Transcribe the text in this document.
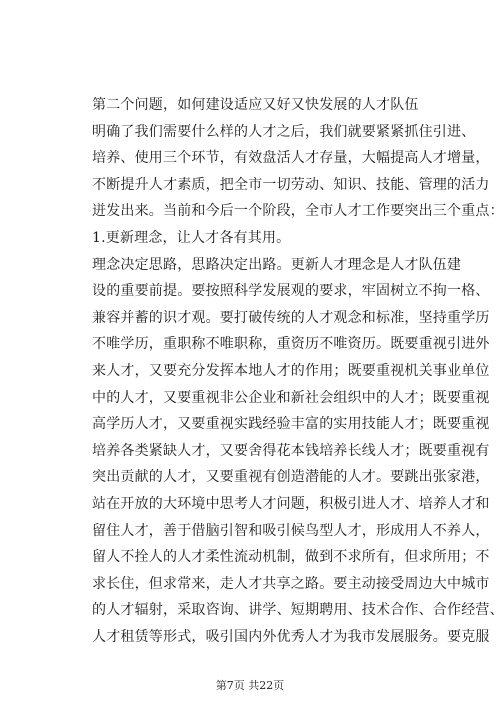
第二个问题，如何建设适应又好又快发展的人才队伍
明确了我们需要什么样的人才之后，我们就要紧紧抓住引进、
培养、使用三个环节，有效盘活人才存量，大幅提高人才增量，
不断提升人才素质，把全市一切劳动、知识、技能、管理的活力
迸发出来。当前和今后一个阶段，全市人才工作要突出三个重点：
1.更新理念，让人才各有其用。
理念决定思路，思路决定出路。更新人才理念是人才队伍建
设的重要前提。要按照科学发展观的要求，牢固树立不拘一格、
兼容并蓄的识才观。要打破传统的人才观念和标准，坚持重学历
不唯学历，重职称不唯职称，重资历不唯资历。既要重视引进外
来人才，又要充分发挥本地人才的作用；既要重视机关事业单位
中的人才，又要重视非公企业和新社会组织中的人才；既要重视
高学历人才，又要重视实践经验丰富的实用技能人才；既要重视
培养各类紧缺人才，又要舍得花本钱培养长线人才；既要重视有
突出贡献的人才，又要重视有创造潜能的人才。要跳出张家港，
站在开放的大环境中思考人才问题，积极引进人才、培养人才和
留住人才，善于借脑引智和吸引候鸟型人才，形成用人不养人，
留人不拴人的人才柔性流动机制，做到不求所有，但求所用；不
求长住，但求常来，走人才共享之路。要主动接受周边大中城市
的人才辐射，采取咨询、讲学、短期聘用、技术合作、合作经营、
人才租赁等形式，吸引国内外优秀人才为我市发展服务。要克服
第7页 共22页
